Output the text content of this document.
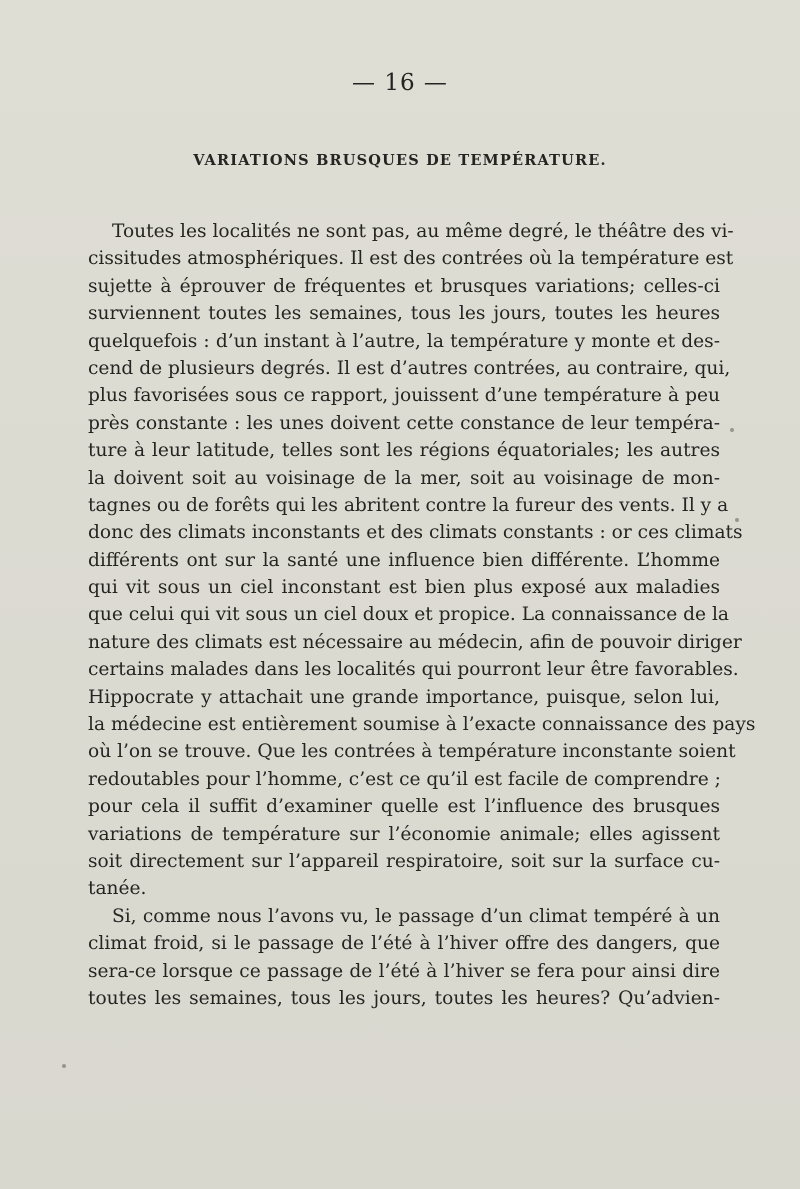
— 16 —
VARIATIONS BRUSQUES DE TEMPÉRATURE.
Toutes les localités ne sont pas, au même degré, le théâtre des vi-
cissitudes atmosphériques. Il est des contrées où la température est
sujette à éprouver de fréquentes et brusques variations; celles-ci
surviennent toutes les semaines, tous les jours, toutes les heures
quelquefois : d’un instant à l’autre, la température y monte et des-
cend de plusieurs degrés. Il est d’autres contrées, au contraire, qui,
plus favorisées sous ce rapport, jouissent d’une température à peu
près constante : les unes doivent cette constance de leur tempéra-
ture à leur latitude, telles sont les régions équatoriales; les autres
la doivent soit au voisinage de la mer, soit au voisinage de mon-
tagnes ou de forêts qui les abritent contre la fureur des vents. Il y a
donc des climats inconstants et des climats constants : or ces climats
différents ont sur la santé une influence bien différente. L’homme
qui vit sous un ciel inconstant est bien plus exposé aux maladies
que celui qui vit sous un ciel doux et propice. La connaissance de la
nature des climats est nécessaire au médecin, afin de pouvoir diriger
certains malades dans les localités qui pourront leur être favorables.
Hippocrate y attachait une grande importance, puisque, selon lui,
la médecine est entièrement soumise à l’exacte connaissance des pays
où l’on se trouve. Que les contrées à température inconstante soient
redoutables pour l’homme, c’est ce qu’il est facile de comprendre ;
pour cela il suffit d’examiner quelle est l’influence des brusques
variations de température sur l’économie animale; elles agissent
soit directement sur l’appareil respiratoire, soit sur la surface cu-
tanée.
Si, comme nous l’avons vu, le passage d’un climat tempéré à un
climat froid, si le passage de l’été à l’hiver offre des dangers, que
sera-ce lorsque ce passage de l’été à l’hiver se fera pour ainsi dire
toutes les semaines, tous les jours, toutes les heures? Qu’advien-
